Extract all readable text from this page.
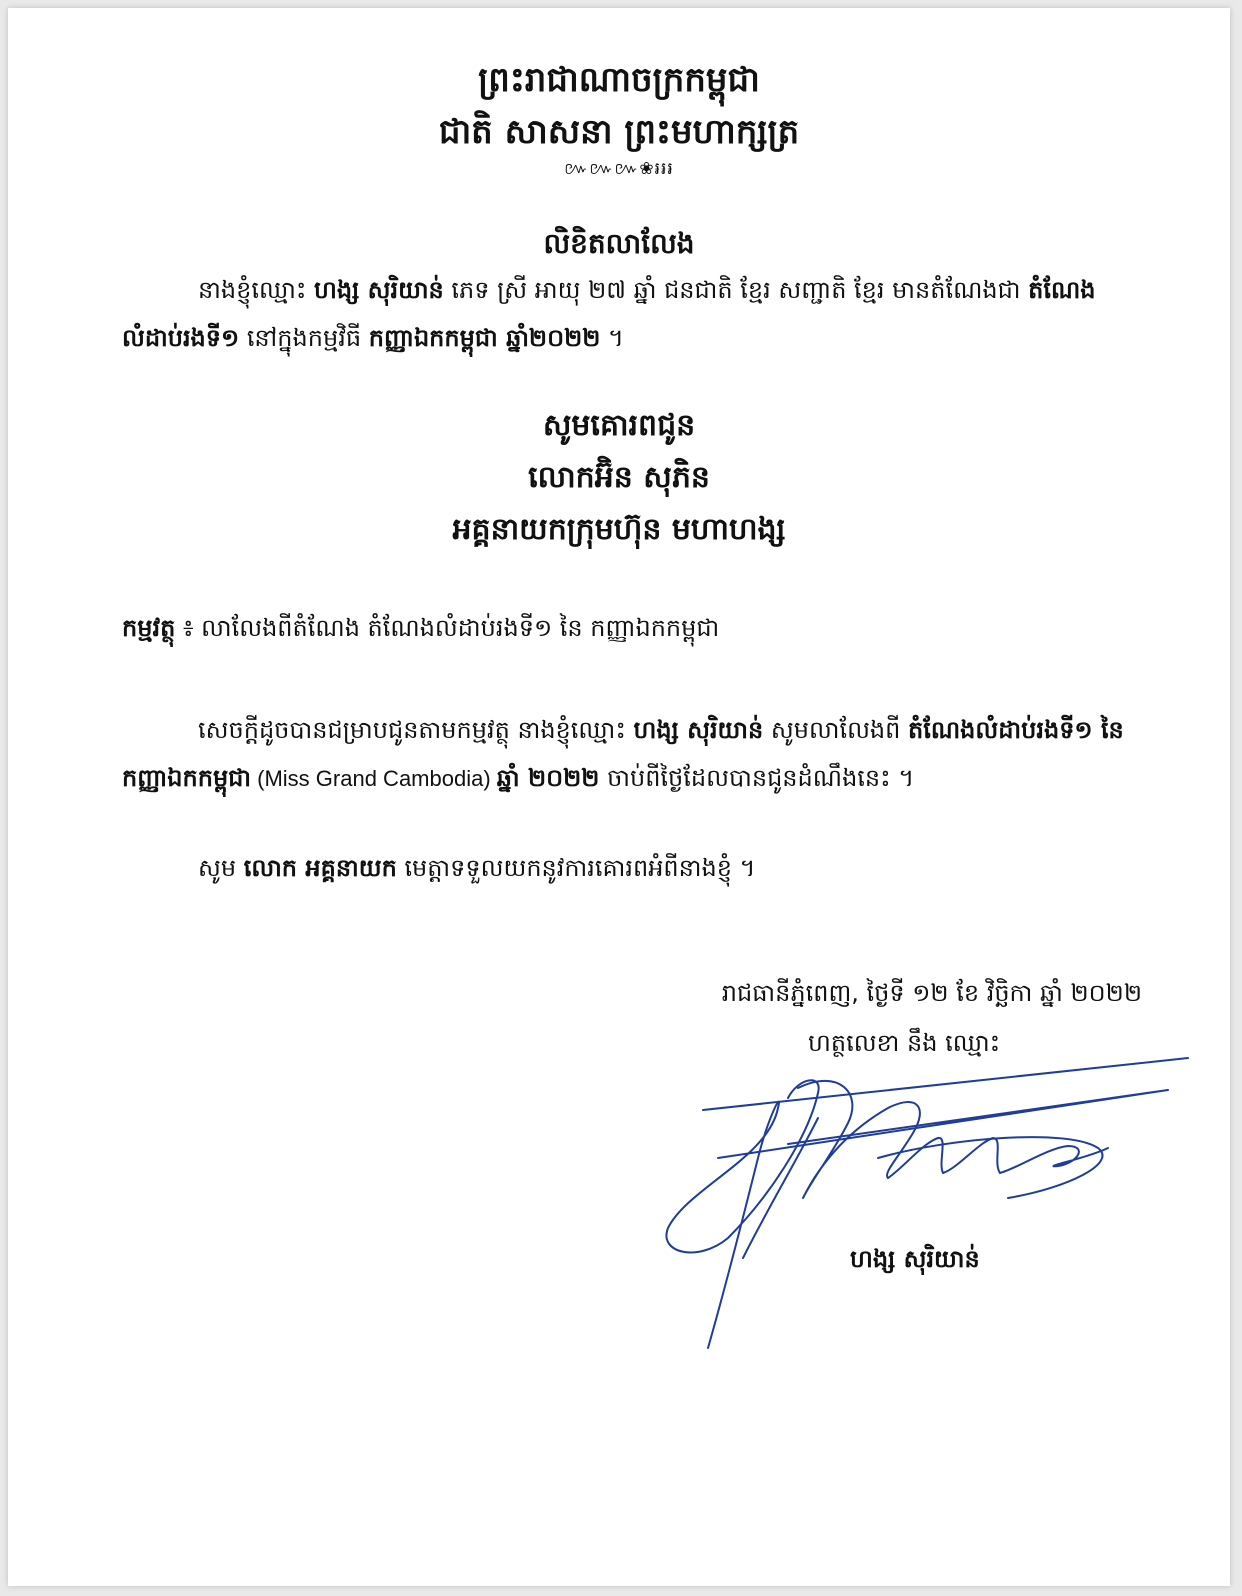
ព្រះរាជាណាចក្រកម្ពុជា
ជាតិ សាសនា ព្រះមហាក្សត្រ
៚៚៚❀៛៛៛
លិខិតលាលែង
នាងខ្ញុំឈ្មោះ ហង្ស សុរិយាន់ ភេទ ស្រី អាយុ ២៧ ឆ្នាំ ជនជាតិ ខ្មែរ សញ្ជាតិ ខ្មែរ មានតំណែងជា តំណែងលំដាប់រងទី១ នៅក្នុងកម្មវិធី កញ្ញាឯកកម្ពុជា ឆ្នាំ២០២២ ។
សូមគោរពជូន
លោកអ៊ិន សុភិន
អគ្គនាយកក្រុមហ៊ុន មហាហង្ស
កម្មវត្ថុ ៖ លាលែងពីតំណែង តំណែងលំដាប់រងទី១ នៃ កញ្ញាឯកកម្ពុជា
សេចក្ដីដូចបានជម្រាបជូនតាមកម្មវត្ថុ នាងខ្ញុំឈ្មោះ ហង្ស សុរិយាន់ សូមលាលែងពី តំណែងលំដាប់រងទី១ នៃ កញ្ញាឯកកម្ពុជា (Miss Grand Cambodia) ឆ្នាំ ២០២២ ចាប់ពីថ្ងៃដែលបានជូនដំណឹងនេះ ។
សូម លោក អគ្គនាយក មេត្តាទទួលយកនូវការគោរពអំពីនាងខ្ញុំ ។
រាជធានីភ្នំពេញ, ថ្ងៃទី ១២ ខែ វិច្ឆិកា ឆ្នាំ ២០២២
ហត្ថលេខា នឹង ឈ្មោះ
ហង្ស សុរិយាន់
